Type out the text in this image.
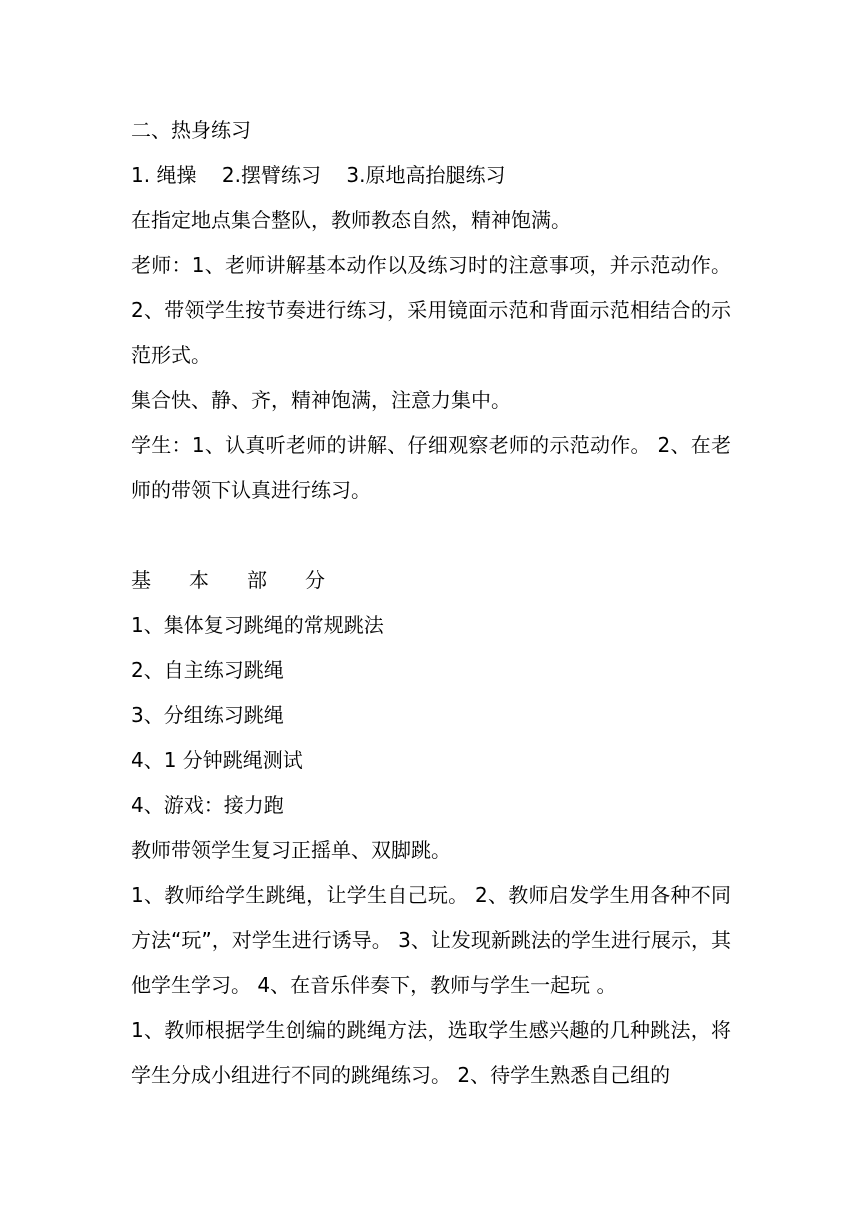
二、热身练习

1. 绳操    2.摆臂练习    3.原地高抬腿练习

在指定地点集合整队，教师教态自然，精神饱满。

老师：1、老师讲解基本动作以及练习时的注意事项，并示范动作。 2、带领学生按节奏进行练习，采用镜面示范和背面示范相结合的示范形式。

集合快、静、齐，精神饱满，注意力集中。

学生：1、认真听老师的讲解、仔细观察老师的示范动作。 2、在老师的带领下认真进行练习。

基 本 部 分

1、集体复习跳绳的常规跳法

2、自主练习跳绳

3、分组练习跳绳

4、1 分钟跳绳测试

4、游戏：接力跑

教师带领学生复习正摇单、双脚跳。

1、教师给学生跳绳，让学生自己玩。 2、教师启发学生用各种不同方法“玩”，对学生进行诱导。 3、让发现新跳法的学生进行展示，其他学生学习。 4、在音乐伴奏下，教师与学生一起玩 。

1、教师根据学生创编的跳绳方法，选取学生感兴趣的几种跳法，将学生分成小组进行不同的跳绳练习。 2、待学生熟悉自己组的
